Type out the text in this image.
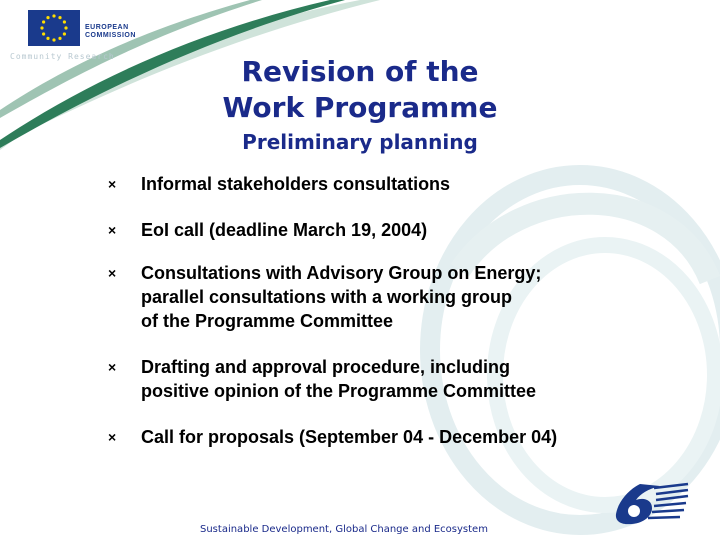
EUROPEAN
COMMISSION
Community Research	Revision of the
Work Programme
Preliminary planning
× Informal stakeholders consultations
× EoI call (deadline March 19, 2004)
× Consultations with Advisory Group on Energy;
parallel consultations with a working group
of the Programme Committee
× Drafting and approval procedure, including
positive opinion of the Programme Committee
× Call for proposals (September 04 - December 04)
Sustainable Development, Global Change and Ecosystem
